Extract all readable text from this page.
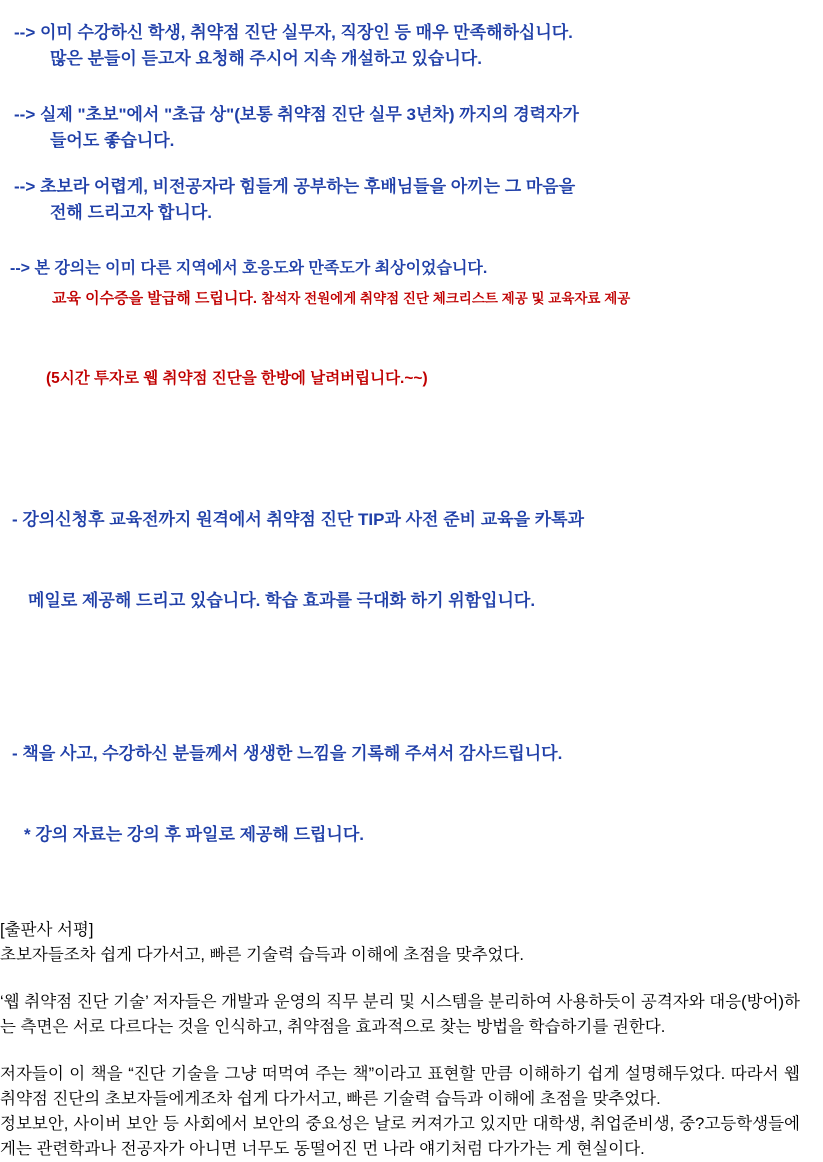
--> 이미 수강하신 학생, 취약점 진단 실무자, 직장인 등 매우 만족해하십니다.
많은 분들이 듣고자 요청해 주시어 지속 개설하고 있습니다.
--> 실제 "초보"에서 "초급 상"(보통 취약점 진단 실무 3년차) 까지의 경력자가
들어도 좋습니다.
--> 초보라 어렵게, 비전공자라 힘들게 공부하는 후배님들을 아끼는 그 마음을
전해 드리고자 합니다.
--> 본 강의는 이미 다른 지역에서 호응도와 만족도가 최상이었습니다.
교육 이수증을 발급해 드립니다. 참석자 전원에게 취약점 진단 체크리스트 제공 및 교육자료 제공
(5시간 투자로 웹 취약점 진단을 한방에 날려버립니다.~~)

- 강의신청후 교육전까지 원격에서 취약점 진단 TIP과 사전 준비 교육을 카톡과

메일로 제공해 드리고 있습니다. 학습 효과를 극대화 하기 위함입니다.

- 책을 사고, 수강하신 분들께서 생생한 느낌을 기록해 주셔서 감사드립니다.

* 강의 자료는 강의 후 파일로 제공해 드립니다.

[출판사 서평]
초보자들조차 쉽게 다가서고, 빠른 기술력 습득과 이해에 초점을 맞추었다.

‘웹 취약점 진단 기술’ 저자들은 개발과 운영의 직무 분리 및 시스템을 분리하여 사용하듯이 공격자와 대응(방어)하는 측면은 서로 다르다는 것을 인식하고, 취약점을 효과적으로 찾는 방법을 학습하기를 권한다.

저자들이 이 책을 “진단 기술을 그냥 떠먹여 주는 책”이라고 표현할 만큼 이해하기 쉽게 설명해두었다. 따라서 웹 취약점 진단의 초보자들에게조차 쉽게 다가서고, 빠른 기술력 습득과 이해에 초점을 맞추었다.

정보보안, 사이버 보안 등 사회에서 보안의 중요성은 날로 커져가고 있지만 대학생, 취업준비생, 중?고등학생들에게는 관련학과나 전공자가 아니면 너무도 동떨어진 먼 나라 얘기처럼 다가가는 게 현실이다.
